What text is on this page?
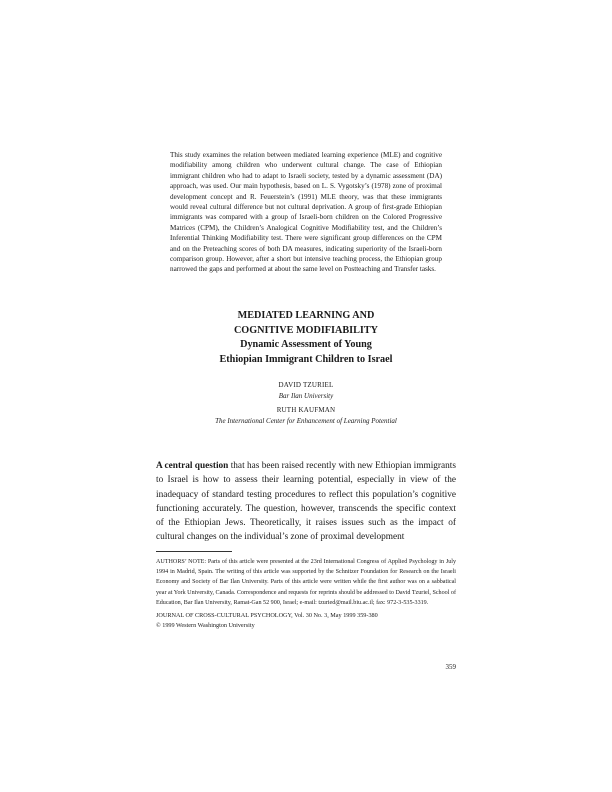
This study examines the relation between mediated learning experience (MLE) and cognitive modifiability among children who underwent cultural change. The case of Ethiopian immigrant children who had to adapt to Israeli society, tested by a dynamic assessment (DA) approach, was used. Our main hypothesis, based on L. S. Vygotsky’s (1978) zone of proximal development concept and R. Feuerstein’s (1991) MLE theory, was that these immigrants would reveal cultural difference but not cultural deprivation. A group of first-grade Ethiopian immigrants was compared with a group of Israeli-born children on the Colored Progressive Matrices (CPM), the Children’s Analogical Cognitive Modifiability test, and the Children’s Inferential Thinking Modifiability test. There were significant group differences on the CPM and on the Preteaching scores of both DA measures, indicating superiority of the Israeli-born comparison group. However, after a short but intensive teaching process, the Ethiopian group narrowed the gaps and performed at about the same level on Postteaching and Transfer tasks.
MEDIATED LEARNING AND
COGNITIVE MODIFIABILITY
Dynamic Assessment of Young
Ethiopian Immigrant Children to Israel
DAVID TZURIEL
Bar Ilan University
RUTH KAUFMAN
The International Center for Enhancement of Learning Potential
A central question that has been raised recently with new Ethiopian immigrants to Israel is how to assess their learning potential, especially in view of the inadequacy of standard testing procedures to reflect this population’s cognitive functioning accurately. The question, however, transcends the specific context of the Ethiopian Jews. Theoretically, it raises issues such as the impact of cultural changes on the individual’s zone of proximal development
AUTHORS’ NOTE: Parts of this article were presented at the 23rd International Congress of Applied Psychology in July 1994 in Madrid, Spain. The writing of this article was supported by the Schnitzer Foundation for Research on the Israeli Economy and Society of Bar Ilan University. Parts of this article were written while the first author was on a sabbatical year at York University, Canada. Correspondence and requests for reprints should be addressed to David Tzuriel, School of Education, Bar Ilan University, Ramat-Gan 52 900, Israel; e-mail: tzuried@mail.biu.ac.il; fax: 972-3-535-3319.
JOURNAL OF CROSS-CULTURAL PSYCHOLOGY, Vol. 30 No. 3, May 1999 359-380
© 1999 Western Washington University
359
